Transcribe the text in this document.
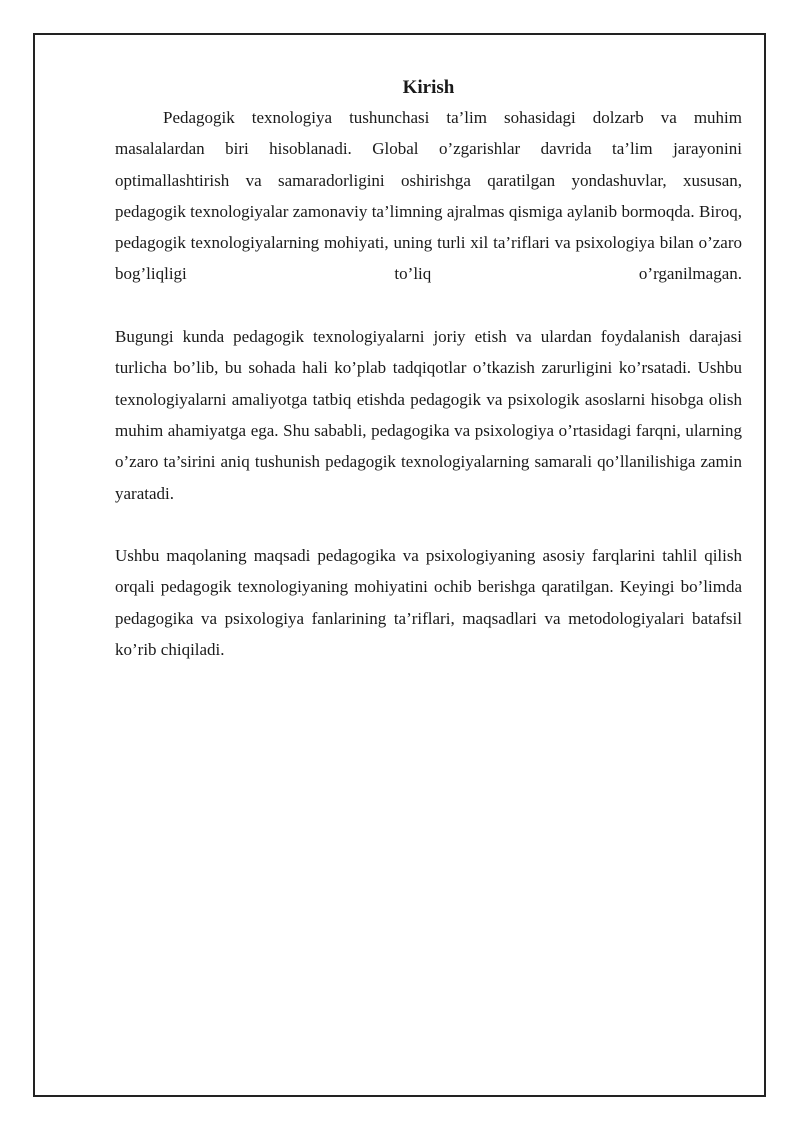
Kirish

Pedagogik texnologiya tushunchasi ta’lim sohasidagi dolzarb va muhim masalalardan biri hisoblanadi. Global o’zgarishlar davrida ta’lim jarayonini optimallashtirish va samaradorligini oshirishga qaratilgan yondashuvlar, xususan, pedagogik texnologiyalar zamonaviy ta’limning ajralmas qismiga aylanib bormoqda. Biroq, pedagogik texnologiyalarning mohiyati, uning turli xil ta’riflari va psixologiya bilan o’zaro bog’liqligi to’liq o’rganilmagan.

Bugungi kunda pedagogik texnologiyalarni joriy etish va ulardan foydalanish darajasi turlicha bo’lib, bu sohada hali ko’plab tadqiqotlar o’tkazish zarurligini ko’rsatadi. Ushbu texnologiyalarni amaliyotga tatbiq etishda pedagogik va psixologik asoslarni hisobga olish muhim ahamiyatga ega. Shu sababli, pedagogika va psixologiya o’rtasidagi farqni, ularning o’zaro ta’sirini aniq tushunish pedagogik texnologiyalarning samarali qo’llanilishiga zamin yaratadi.

Ushbu maqolaning maqsadi pedagogika va psixologiyaning asosiy farqlarini tahlil qilish orqali pedagogik texnologiyaning mohiyatini ochib berishga qaratilgan. Keyingi bo’limda pedagogika va psixologiya fanlarining ta’riflari, maqsadlari va metodologiyalari batafsil ko’rib chiqiladi.
